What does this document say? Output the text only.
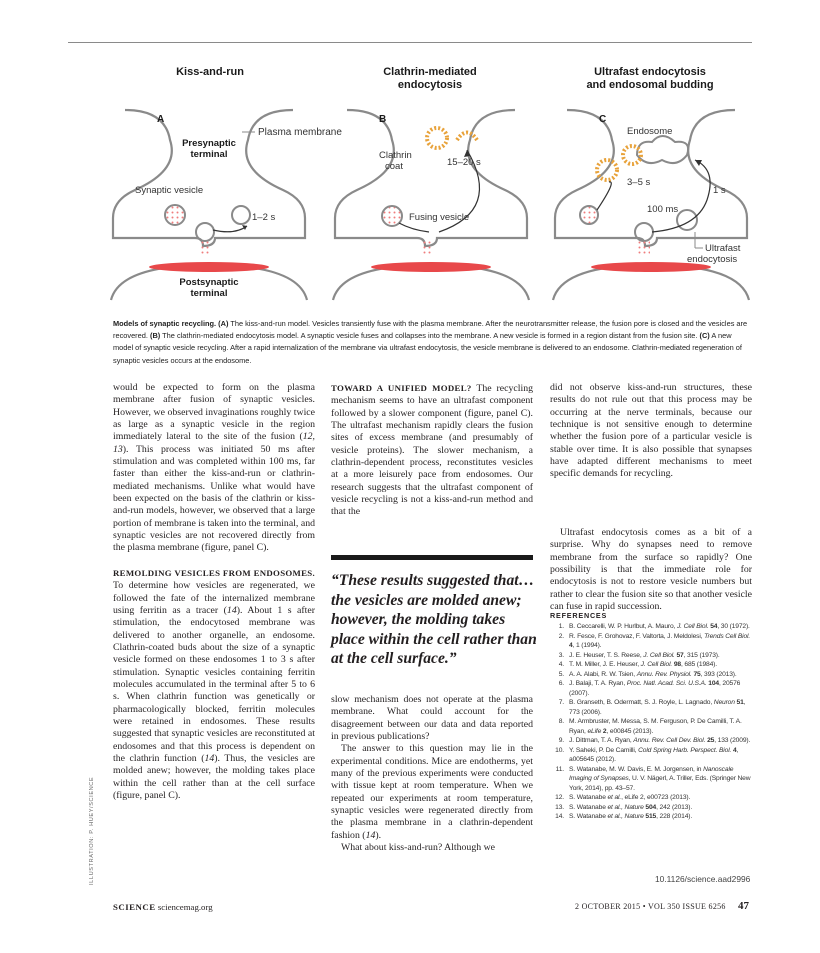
Kiss-and-run	Clathrin-mediated
endocytosis
Ultrafast endocytosis
and endosomal budding
A
Plasma membrane
Presynaptic
terminal
Synaptic vesicle
1–2 s
Postsynaptic
terminal
B
Clathrin
coat	15–20 s
Fusing vesicle
C
Endosome
3–5 s
1 s
100 ms
Ultrafast
endocytosis
Models of synaptic recycling. (A) The kiss-and-run model. Vesicles transiently fuse with the plasma membrane. After the neurotransmitter release, the fusion pore is closed and the vesicles are recovered. (B) The clathrin-mediated endocytosis model. A synaptic vesicle fuses and collapses into the membrane. A new vesicle is formed in a region distant from the fusion site. (C) A new model of synaptic vesicle recycling. After a rapid internalization of the membrane via ultrafast endocytosis, the vesicle membrane is delivered to an endosome. Clathrin-mediated regeneration of synaptic vesicles occurs at the endosome.

would be expected to form on the plasma membrane after fusion of synaptic vesicles. However, we observed invaginations roughly twice as large as a synaptic vesicle in the region immediately lateral to the site of the fusion (12, 13). This process was initiated 50 ms after stimulation and was completed within 100 ms, far faster than either the kiss-and-run or clathrin-mediated mechanisms. Unlike what would have been expected on the basis of the clathrin or kiss-and-run models, however, we observed that a large portion of membrane is taken into the terminal, and synaptic vesicles are not recovered directly from the plasma membrane (figure, panel C).

REMOLDING VESICLES FROM ENDOSOMES. To determine how vesicles are regenerated, we followed the fate of the internalized membrane using ferritin as a tracer (14). About 1 s after stimulation, the endocytosed membrane was delivered to another organelle, an endosome. Clathrin-coated buds about the size of a synaptic vesicle formed on these endosomes 1 to 3 s after stimulation. Synaptic vesicles containing ferritin molecules accumulated in the terminal after 5 to 6 s. When clathrin function was genetically or pharmacologically blocked, ferritin molecules were retained in endosomes. These results suggested that synaptic vesicles are reconstituted at endosomes and that this process is dependent on the clathrin function (14). Thus, the vesicles are molded anew; however, the molding takes place within the cell rather than at the cell surface (figure, panel C).

TOWARD A UNIFIED MODEL? The recycling mechanism seems to have an ultrafast component followed by a slower component (figure, panel C). The ultrafast mechanism rapidly clears the fusion sites of excess membrane (and presumably of vesicle proteins). The slower mechanism, a clathrin-dependent process, reconstitutes vesicles at a more leisurely pace from endosomes. Our research suggests that the ultrafast component of vesicle recycling is not a kiss-and-run method and that the

“These results suggested that…the vesicles are molded anew; however, the molding takes place within the cell rather than at the cell surface.”

slow mechanism does not operate at the plasma membrane. What could account for the disagreement between our data and data reported in previous publications?

The answer to this question may lie in the experimental conditions. Mice are endotherms, yet many of the previous experiments were conducted with tissue kept at room temperature. When we repeated our experiments at room temperature, synaptic vesicles were regenerated directly from the plasma membrane in a clathrin-dependent fashion (14).

What about kiss-and-run? Although we

did not observe kiss-and-run structures, these results do not rule out that this process may be occurring at the nerve terminals, because our technique is not sensitive enough to determine whether the fusion pore of a particular vesicle is stable over time. It is also possible that synapses have adapted different mechanisms to meet specific demands for recycling.

Ultrafast endocytosis comes as a bit of a surprise. Why do synapses need to remove membrane from the surface so rapidly? One possibility is that the immediate role for endocytosis is not to restore vesicle numbers but rather to clear the fusion site so that another vesicle can fuse in rapid succession.

REFERENCES
1. B. Ceccarelli, W. P. Hurlbut, A. Mauro, J. Cell Biol. 54, 30 (1972).
2. R. Fesce, F. Grohovaz, F. Valtorta, J. Meldolesi, Trends Cell Biol. 4, 1 (1994).
3. J. E. Heuser, T. S. Reese, J. Cell Biol. 57, 315 (1973).
4. T. M. Miller, J. E. Heuser, J. Cell Biol. 98, 685 (1984).
5. A. A. Alabi, R. W. Tsien, Annu. Rev. Physiol. 75, 393 (2013).
6. J. Balaji, T. A. Ryan, Proc. Natl. Acad. Sci. U.S.A. 104, 20576 (2007).
7. B. Granseth, B. Odermatt, S. J. Royle, L. Lagnado, Neuron 51, 773 (2006).
8. M. Armbruster, M. Messa, S. M. Ferguson, P. De Camilli, T. A. Ryan, eLife 2, e00845 (2013).
9. J. Dittman, T. A. Ryan, Annu. Rev. Cell Dev. Biol. 25, 133 (2009).
10. Y. Saheki, P. De Camilli, Cold Spring Harb. Perspect. Biol. 4, a005645 (2012).
11. S. Watanabe, M. W. Davis, E. M. Jorgensen, in Nanoscale Imaging of Synapses, U. V. Nägerl, A. Triller, Eds. (Springer New York, 2014), pp. 43–57.
12. S. Watanabe et al., eLife 2, e00723 (2013).
13. S. Watanabe et al., Nature 504, 242 (2013).
14. S. Watanabe et al., Nature 515, 228 (2014).
10.1126/science.aad2996
ILLUSTRATION: P. HUEY/SCIENCE
SCIENCE sciencemag.org	2 OCTOBER 2015 • VOL 350 ISSUE 6256 47
